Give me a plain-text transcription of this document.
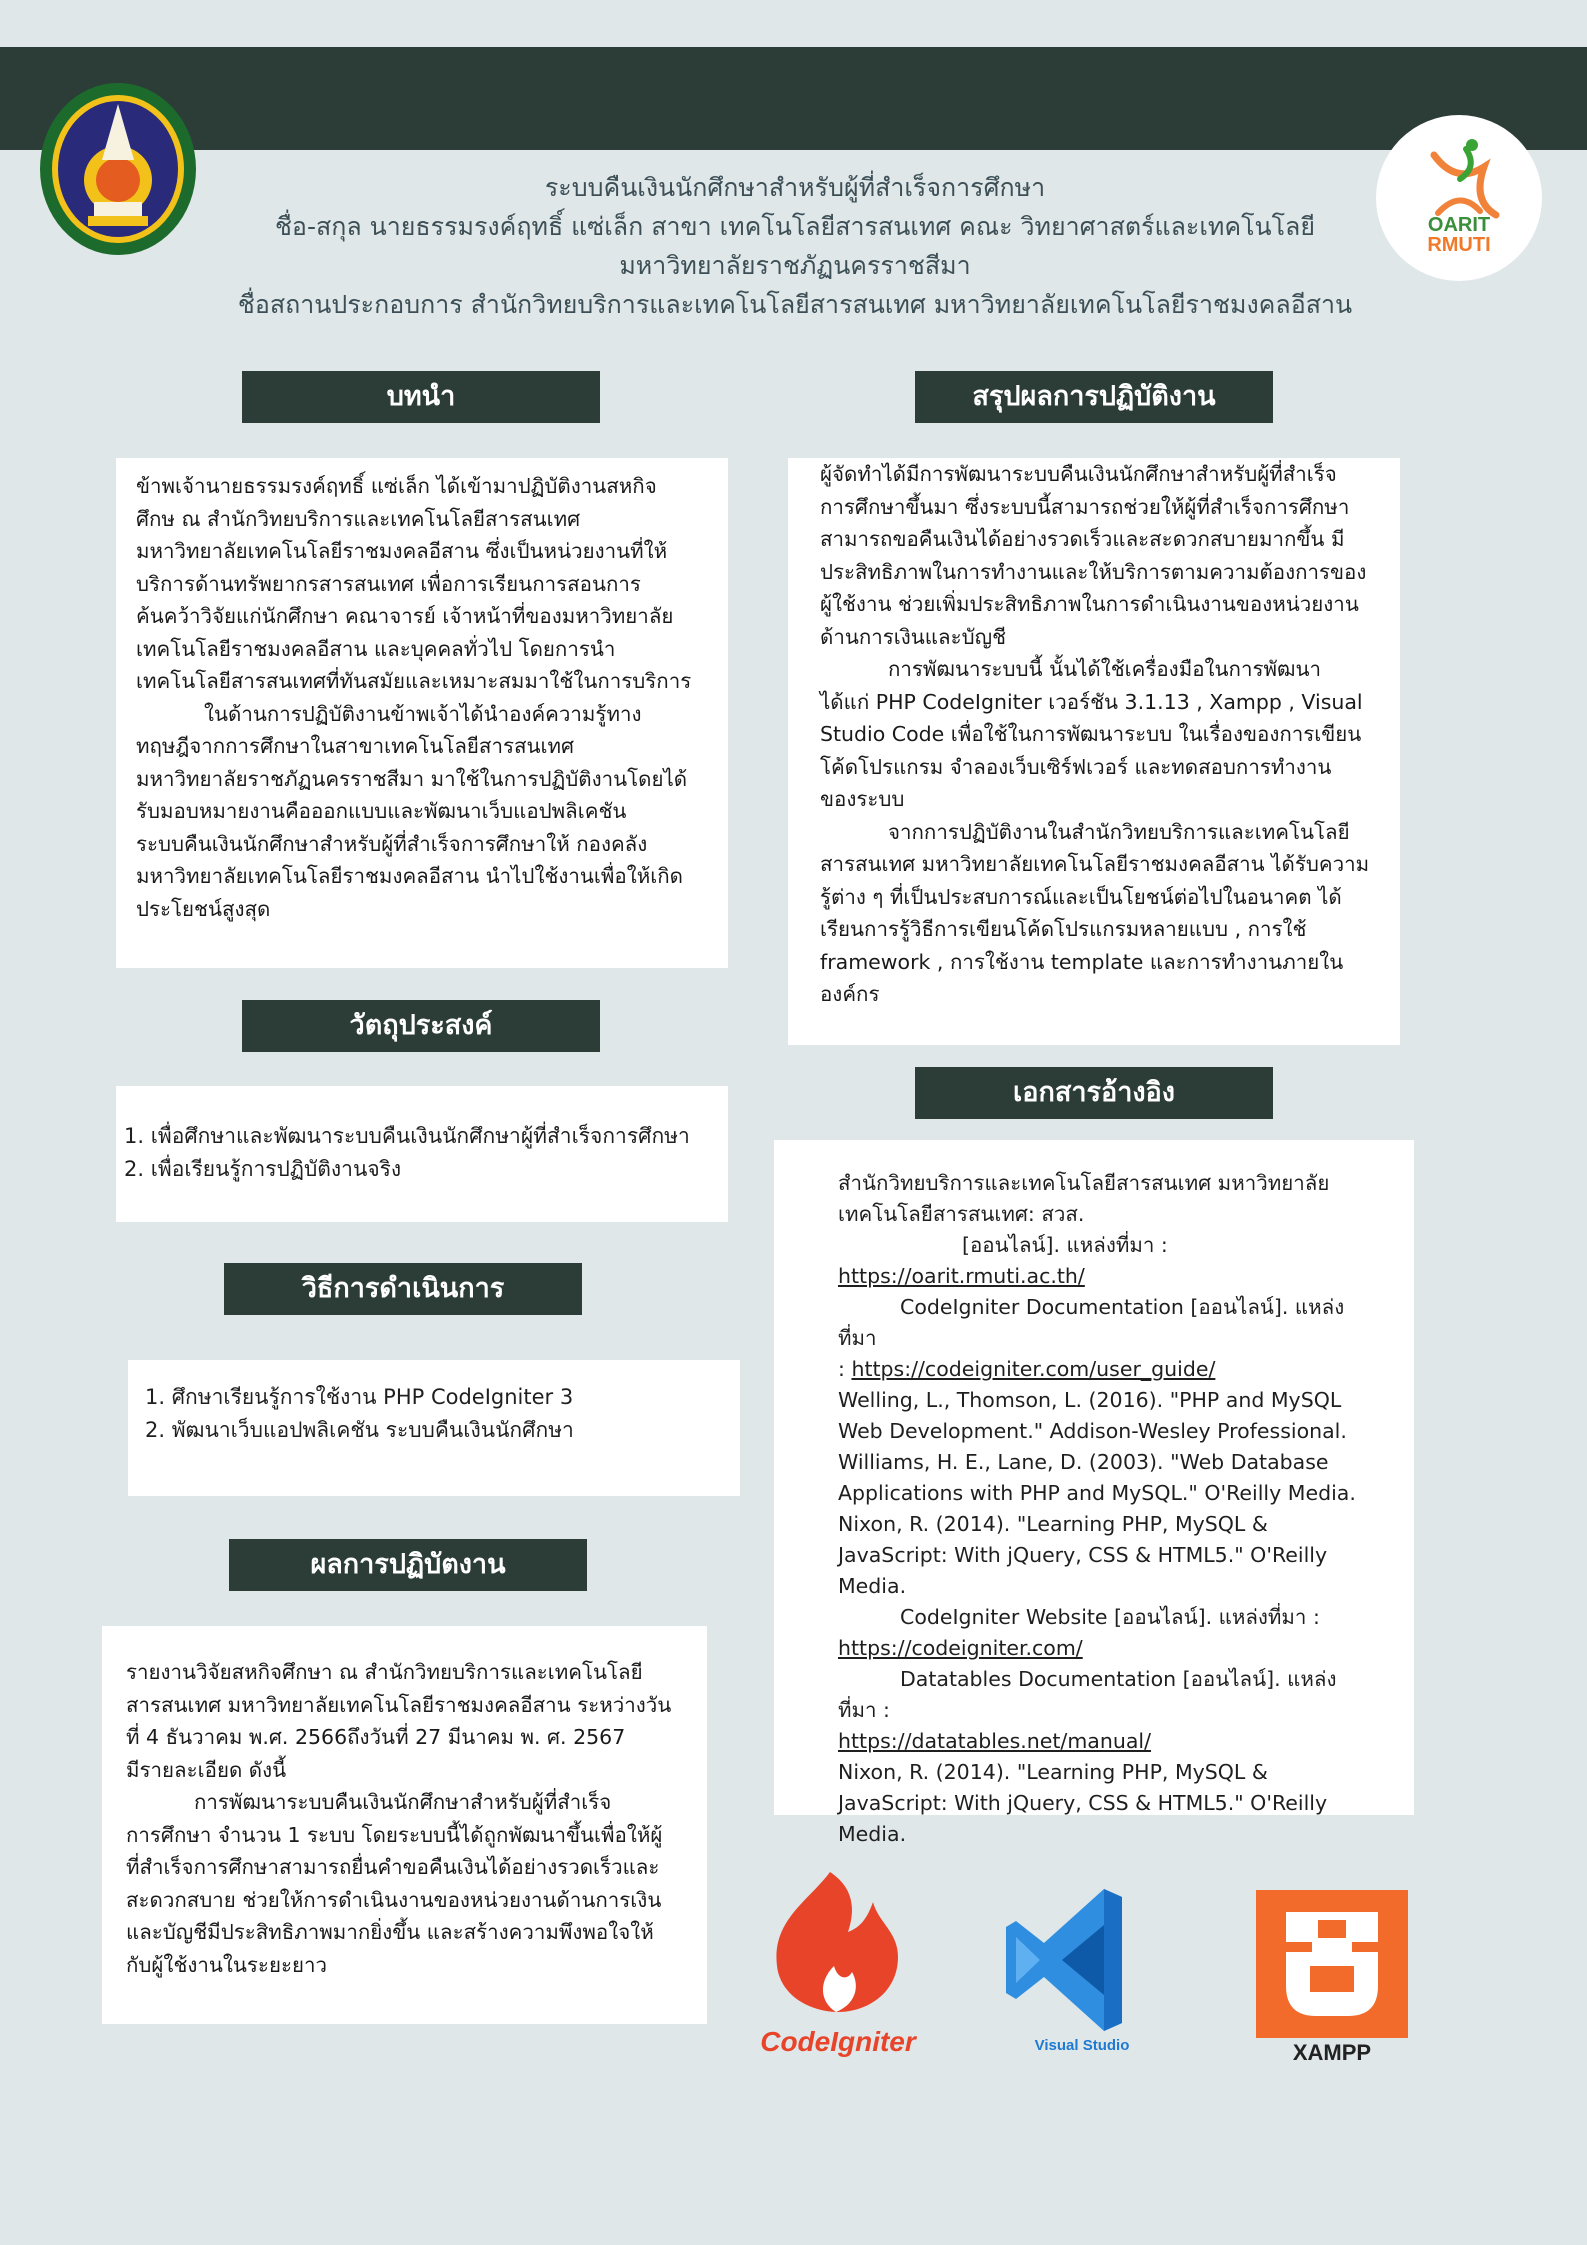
OARIT
RMUTI
ระบบคืนเงินนักศึกษาสำหรับผู้ที่สำเร็จการศึกษา
ชื่อ-สกุล นายธรรมรงค์ฤทธิ์ แซ่เล็ก สาขา เทคโนโลยีสารสนเทศ คณะ วิทยาศาสตร์และเทคโนโลยี
มหาวิทยาลัยราชภัฏนครราชสีมา
ชื่อสถานประกอบการ สำนักวิทยบริการและเทคโนโลยีสารสนเทศ มหาวิทยาลัยเทคโนโลยีราชมงคลอีสาน
บทนำ

ข้าพเจ้านายธรรมรงค์ฤทธิ์ แซ่เล็ก ได้เข้ามาปฏิบัติงานสหกิจ

ศึกษ ณ สำนักวิทยบริการและเทคโนโลยีสารสนเทศ

มหาวิทยาลัยเทคโนโลยีราชมงคลอีสาน ซึ่งเป็นหน่วยงานที่ให้

บริการด้านทรัพยากรสารสนเทศ เพื่อการเรียนการสอนการ

ค้นคว้าวิจัยแก่นักศึกษา คณาจารย์ เจ้าหน้าที่ของมหาวิทยาลัย

เทคโนโลยีราชมงคลอีสาน และบุคคลทั่วไป โดยการนำ

เทคโนโลยีสารสนเทศที่ทันสมัยและเหมาะสมมาใช้ในการบริการ

ในด้านการปฏิบัติงานข้าพเจ้าได้นำองค์ความรู้ทาง

ทฤษฎีจากการศึกษาในสาขาเทคโนโลยีสารสนเทศ

มหาวิทยาลัยราชภัฏนครราชสีมา มาใช้ในการปฏิบัติงานโดยได้

รับมอบหมายงานคือออกแบบและพัฒนาเว็บแอปพลิเคชัน

ระบบคืนเงินนักศึกษาสำหรับผู้ที่สำเร็จการศึกษาให้ กองคลัง

มหาวิทยาลัยเทคโนโลยีราชมงคลอีสาน นำไปใช้งานเพื่อให้เกิด

ประโยชน์สูงสุด

วัตถุประสงค์
1. เพื่อศึกษาและพัฒนาระบบคืนเงินนักศึกษาผู้ที่สำเร็จการศึกษา
2. เพื่อเรียนรู้การปฏิบัติงานจริง
วิธีการดำเนินการ
1. ศึกษาเรียนรู้การใช้งาน PHP CodeIgniter 3
2. พัฒนาเว็บแอปพลิเคชัน ระบบคืนเงินนักศึกษา
ผลการปฏิบัตงาน

รายงานวิจัยสหกิจศึกษา ณ สำนักวิทยบริการและเทคโนโลยี

สารสนเทศ มหาวิทยาลัยเทคโนโลยีราชมงคลอีสาน ระหว่างวัน

ที่ 4 ธันวาคม พ.ศ. 2566ถึงวันที่ 27 มีนาคม พ. ศ. 2567

มีรายละเอียด ดังนี้

การพัฒนาระบบคืนเงินนักศึกษาสำหรับผู้ที่สำเร็จ

การศึกษา จำนวน 1 ระบบ โดยระบบนี้ได้ถูกพัฒนาขึ้นเพื่อให้ผู้

ที่สำเร็จการศึกษาสามารถยื่นคำขอคืนเงินได้อย่างรวดเร็วและ

สะดวกสบาย ช่วยให้การดำเนินงานของหน่วยงานด้านการเงิน

และบัญชีมีประสิทธิภาพมากยิ่งขึ้น และสร้างความพึงพอใจให้

กับผู้ใช้งานในระยะยาว

สรุปผลการปฏิบัติงาน

ผู้จัดทำได้มีการพัฒนาระบบคืนเงินนักศึกษาสำหรับผู้ที่สำเร็จ

การศึกษาขึ้นมา ซึ่งระบบนี้สามารถช่วยให้ผู้ที่สำเร็จการศึกษา

สามารถขอคืนเงินได้อย่างรวดเร็วและสะดวกสบายมากขึ้น มี

ประสิทธิภาพในการทำงานและให้บริการตามความต้องการของ

ผู้ใช้งาน ช่วยเพิ่มประสิทธิภาพในการดำเนินงานของหน่วยงาน

ด้านการเงินและบัญชี

การพัฒนาระบบนี้ นั้นได้ใช้เครื่องมือในการพัฒนา

ได้แก่ PHP CodeIgniter เวอร์ชัน 3.1.13 , Xampp , Visual

Studio Code เพื่อใช้ในการพัฒนาระบบ ในเรื่องของการเขียน

โค้ดโปรแกรม จำลองเว็บเซิร์ฟเวอร์ และทดสอบการทำงาน

ของระบบ

จากการปฏิบัติงานในสำนักวิทยบริการและเทคโนโลยี

สารสนเทศ มหาวิทยาลัยเทคโนโลยีราชมงคลอีสาน ได้รับความ

รู้ต่าง ๆ ที่เป็นประสบการณ์และเป็นโยชน์ต่อไปในอนาคต ได้

เรียนการรู้วิธีการเขียนโค้ดโปรแกรมหลายแบบ , การใช้

framework , การใช้งาน template และการทำงานภายใน

องค์กร

เอกสารอ้างอิง

สำนักวิทยบริการและเทคโนโลยีสารสนเทศ มหาวิทยาลัย

เทคโนโลยีสารสนเทศ: สวส.

[ออนไลน์]. แหล่งที่มา :

https://oarit.rmuti.ac.th/

CodeIgniter Documentation [ออนไลน์]. แหล่งที่มา

: https://codeigniter.com/user_guide/

Welling, L., Thomson, L. (2016). "PHP and MySQL

Web Development." Addison-Wesley Professional.

Williams, H. E., Lane, D. (2003). "Web Database

Applications with PHP and MySQL." O'Reilly Media.

Nixon, R. (2014). "Learning PHP, MySQL &

JavaScript: With jQuery, CSS & HTML5." O'Reilly

Media.

CodeIgniter Website [ออนไลน์]. แหล่งที่มา :

https://codeigniter.com/

Datatables Documentation [ออนไลน์]. แหล่งที่มา :

https://datatables.net/manual/

Nixon, R. (2014). "Learning PHP, MySQL &

JavaScript: With jQuery, CSS & HTML5." O'Reilly

Media.

CodeIgniter	Visual Studio	XAMPP
